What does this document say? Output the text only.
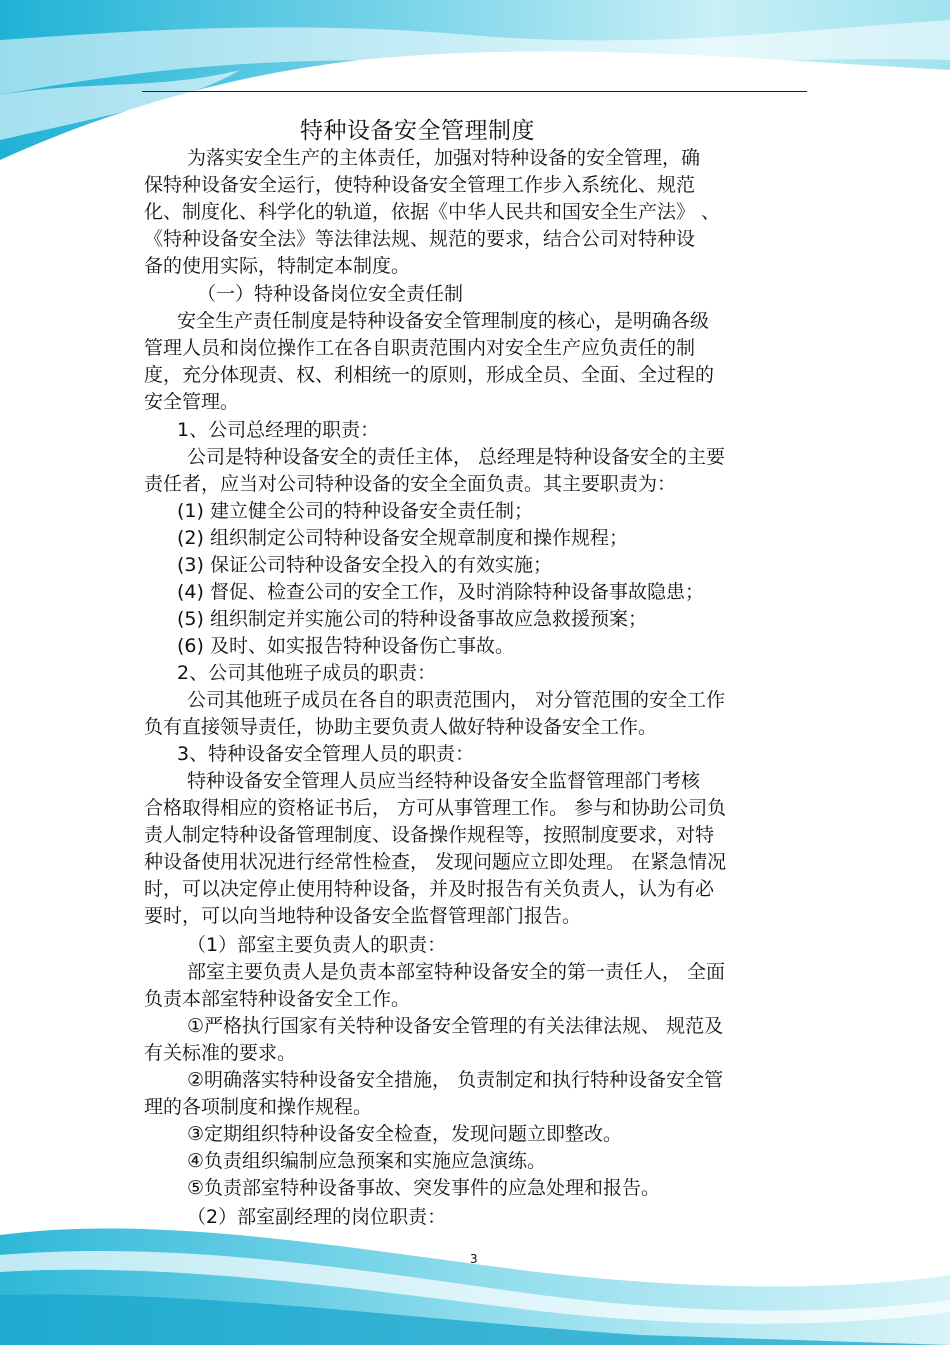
特种设备安全管理制度
为落实安全生产的主体责任，加强对特种设备的安全管理，确
保特种设备安全运行，使特种设备安全管理工作步入系统化、规范
化、制度化、科学化的轨道，依据《中华人民共和国安全生产法》 、
《特种设备安全法》等法律法规、规范的要求，结合公司对特种设
备的使用实际，特制定本制度。
（一）特种设备岗位安全责任制
安全生产责任制度是特种设备安全管理制度的核心，是明确各级
管理人员和岗位操作工在各自职责范围内对安全生产应负责任的制
度，充分体现责、权、利相统一的原则，形成全员、全面、全过程的
安全管理。
1、公司总经理的职责：
公司是特种设备安全的责任主体， 总经理是特种设备安全的主要
责任者，应当对公司特种设备的安全全面负责。其主要职责为：
(1) 建立健全公司的特种设备安全责任制；
(2) 组织制定公司特种设备安全规章制度和操作规程；
(3) 保证公司特种设备安全投入的有效实施；
(4) 督促、检查公司的安全工作，及时消除特种设备事故隐患；
(5) 组织制定并实施公司的特种设备事故应急救援预案；
(6) 及时、如实报告特种设备伤亡事故。
2、公司其他班子成员的职责：
公司其他班子成员在各自的职责范围内， 对分管范围的安全工作
负有直接领导责任，协助主要负责人做好特种设备安全工作。
3、特种设备安全管理人员的职责：
特种设备安全管理人员应当经特种设备安全监督管理部门考核
合格取得相应的资格证书后， 方可从事管理工作。 参与和协助公司负
责人制定特种设备管理制度、设备操作规程等，按照制度要求，对特
种设备使用状况进行经常性检查， 发现问题应立即处理。 在紧急情况
时，可以决定停止使用特种设备，并及时报告有关负责人，认为有必
要时，可以向当地特种设备安全监督管理部门报告。
（1）部室主要负责人的职责：
部室主要负责人是负责本部室特种设备安全的第一责任人， 全面
负责本部室特种设备安全工作。
①严格执行国家有关特种设备安全管理的有关法律法规、 规范及
有关标准的要求。
②明确落实特种设备安全措施， 负责制定和执行特种设备安全管
理的各项制度和操作规程。
③定期组织特种设备安全检查，发现问题立即整改。
④负责组织编制应急预案和实施应急演练。
⑤负责部室特种设备事故、突发事件的应急处理和报告。
（2）部室副经理的岗位职责：
3
